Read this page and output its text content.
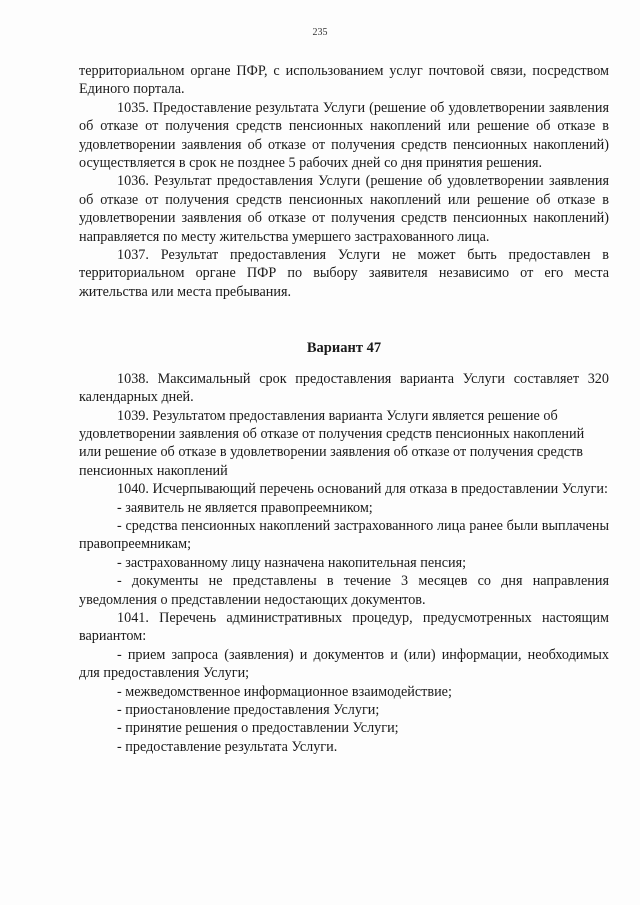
235

территориальном органе ПФР, с использованием услуг почтовой связи, посредством Единого портала.

1035. Предоставление результата Услуги (решение об удовлетворении заявления об отказе от получения средств пенсионных накоплений или решение об отказе в удовлетворении заявления об отказе от получения средств пенсионных накоплений) осуществляется в срок не позднее 5 рабочих дней со дня принятия решения.

1036. Результат предоставления Услуги (решение об удовлетворении заявления об отказе от получения средств пенсионных накоплений или решение об отказе в удовлетворении заявления об отказе от получения средств пенсионных накоплений) направляется по месту жительства умершего застрахованного лица.

1037. Результат предоставления Услуги не может быть предоставлен в территориальном органе ПФР по выбору заявителя независимо от его места жительства или места пребывания.

Вариант 47

1038. Максимальный срок предоставления варианта Услуги составляет 320 календарных дней.

1039. Результатом предоставления варианта Услуги является решение об удовлетворении заявления об отказе от получения средств пенсионных накоплений или решение об отказе в удовлетворении заявления об отказе от получения средств пенсионных накоплений

1040. Исчерпывающий перечень оснований для отказа в предоставлении Услуги:

- заявитель не является правопреемником;
- средства пенсионных накоплений застрахованного лица ранее были выплачены правопреемникам;
- застрахованному лицу назначена накопительная пенсия;
- документы не представлены в течение 3 месяцев со дня направления уведомления о представлении недостающих документов.

1041. Перечень административных процедур, предусмотренных настоящим вариантом:

- прием запроса (заявления) и документов и (или) информации, необходимых для предоставления Услуги;
- межведомственное информационное взаимодействие;
- приостановление предоставления Услуги;
- принятие решения о предоставлении Услуги;
- предоставление результата Услуги.
